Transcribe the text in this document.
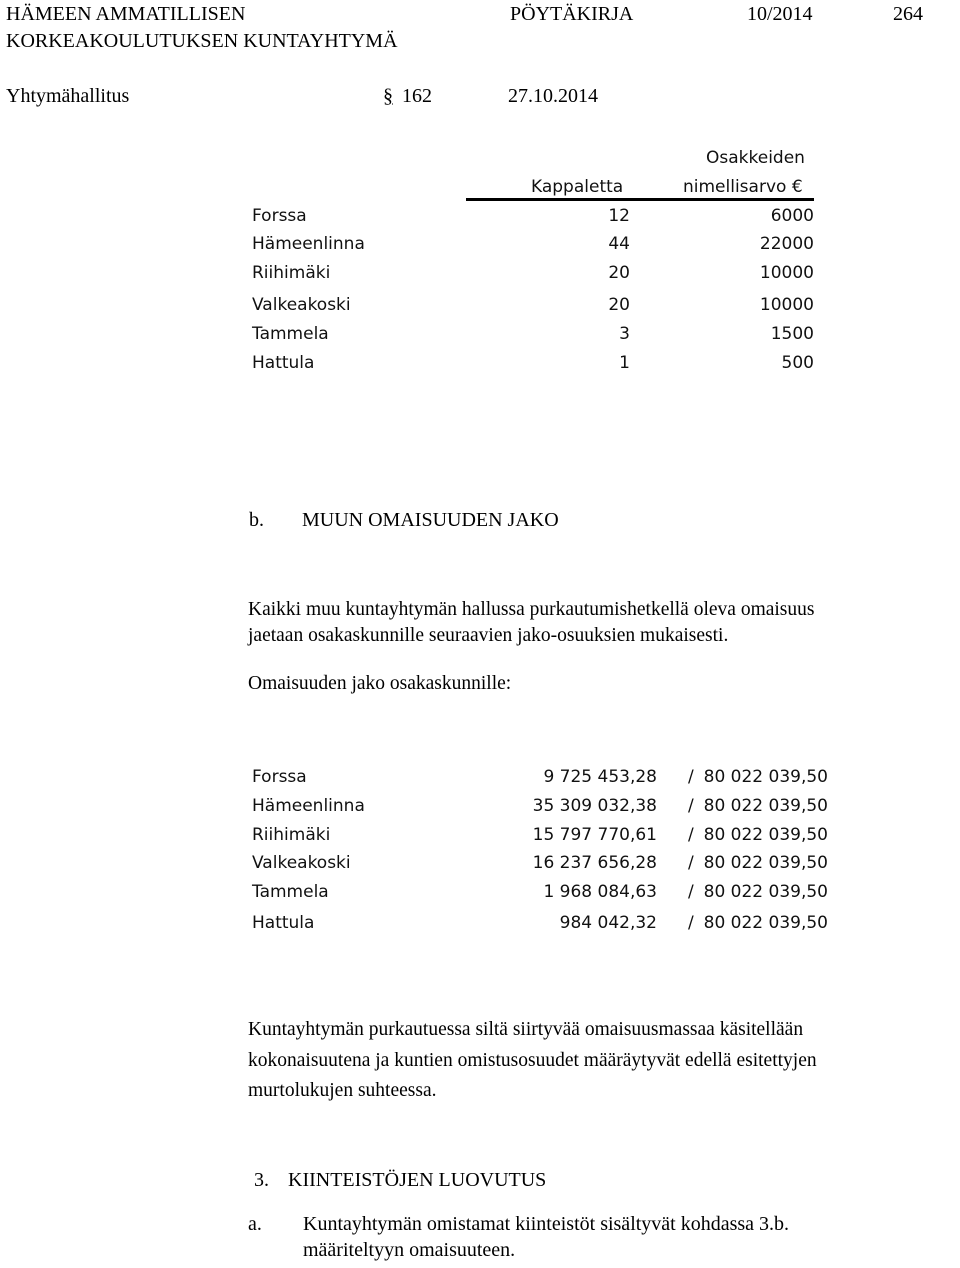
HÄMEEN AMMATILLISEN
KORKEAKOULUTUKSEN KUNTAYHTYMÄ
PÖYTÄKIRJA	10/2014	264
Yhtymähallitus	§ 162	27.10.2014
Osakkeiden
Kappaletta	nimellisarvo €
Forssa	12	6000
Hämeenlinna	44	22000
Riihimäki	20	10000
Valkeakoski	20	10000
Tammela	3	1500
Hattula	1	500
b. MUUN OMAISUUDEN JAKO
Kaikki muu kuntayhtymän hallussa purkautumishetkellä oleva omaisuus
jaetaan osakaskunnille seuraavien jako-osuuksien mukaisesti.
Omaisuuden jako osakaskunnille:
Forssa	9 725 453,28 / 80 022 039,50
Hämeenlinna	35 309 032,38 / 80 022 039,50
Riihimäki	15 797 770,61 / 80 022 039,50
Valkeakoski	16 237 656,28 / 80 022 039,50
Tammela	1 968 084,63 / 80 022 039,50
Hattula	984 042,32 / 80 022 039,50
Kuntayhtymän purkautuessa siltä siirtyvää omaisuusmassaa käsitellään
kokonaisuutena ja kuntien omistusosuudet määräytyvät edellä esitettyjen
murtolukujen suhteessa.
3. KIINTEISTÖJEN LUOVUTUS
a. Kuntayhtymän omistamat kiinteistöt sisältyvät kohdassa 3.b.
määriteltyyn omaisuuteen.
